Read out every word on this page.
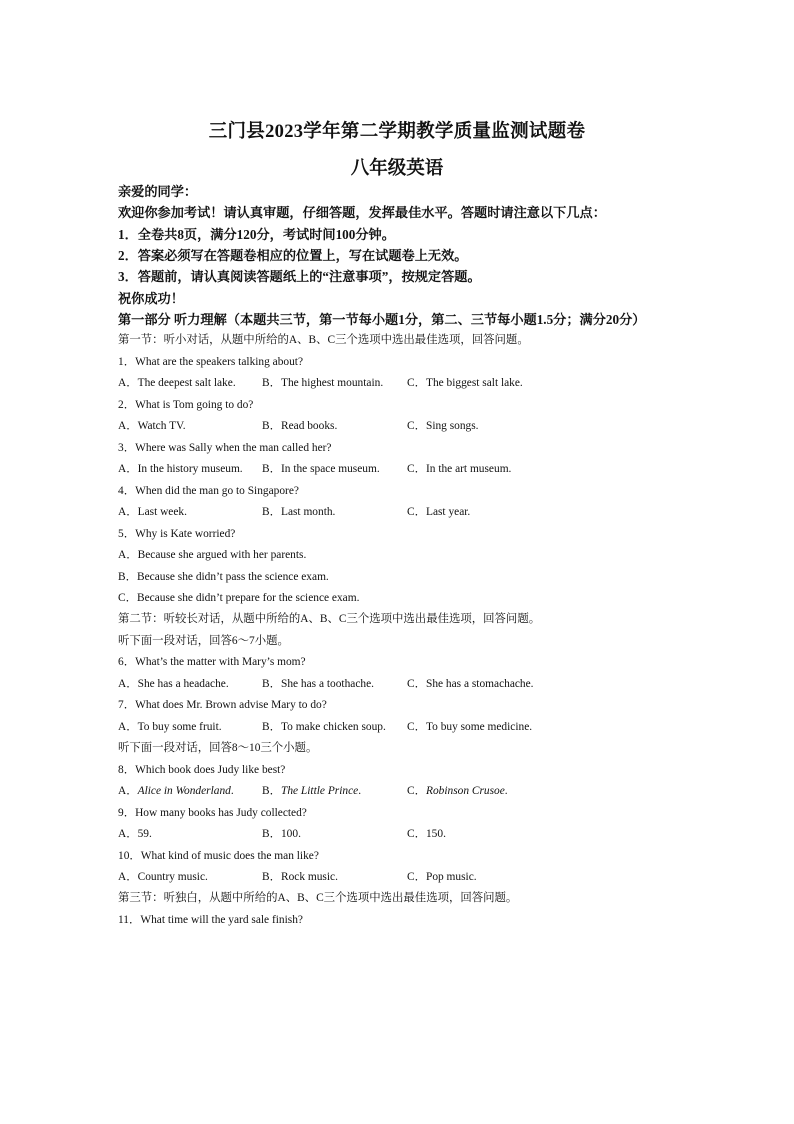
三门县2023学年第二学期教学质量监测试题卷
八年级英语
亲爱的同学：
欢迎你参加考试！请认真审题，仔细答题，发挥最佳水平。答题时请注意以下几点：
1．全卷共8页，满分120分，考试时间100分钟。
2．答案必须写在答题卷相应的位置上，写在试题卷上无效。
3．答题前，请认真阅读答题纸上的“注意事项”，按规定答题。
祝你成功！
第一部分 听力理解（本题共三节，第一节每小题1分，第二、三节每小题1.5分；满分20分）
第一节：听小对话，从题中所给的A、B、C三个选项中选出最佳选项，回答问题。
1．What are the speakers talking about?
A．The deepest salt lake. B．The highest mountain. C．The biggest salt lake.
2．What is Tom going to do?
A．Watch TV.	B．Read books.	C．Sing songs.
3．Where was Sally when the man called her?
A．In the history museum. B．In the space museum. C．In the art museum.
4．When did the man go to Singapore?
A．Last week.	B．Last month.	C．Last year.
5．Why is Kate worried?
A．Because she argued with her parents.
B．Because she didn’t pass the science exam.
C．Because she didn’t prepare for the science exam.
第二节：听较长对话，从题中所给的A、B、C三个选项中选出最佳选项，回答问题。
听下面一段对话，回答6～7小题。
6．What’s the matter with Mary’s mom?
A．She has a headache.	B．She has a toothache.	C．She has a stomachache.
7．What does Mr. Brown advise Mary to do?
A．To buy some fruit.	B．To make chicken soup. C．To buy some medicine.
听下面一段对话，回答8～10三个小题。
8．Which book does Judy like best?
A．Alice in Wonderland. B．The Little Prince.	C．Robinson Crusoe.
9．How many books has Judy collected?
A．59.	B．100.	C．150.
10．What kind of music does the man like?
A．Country music.	B．Rock music.	C．Pop music.
第三节：听独白，从题中所给的A、B、C三个选项中选出最佳选项，回答问题。
11．What time will the yard sale finish?
